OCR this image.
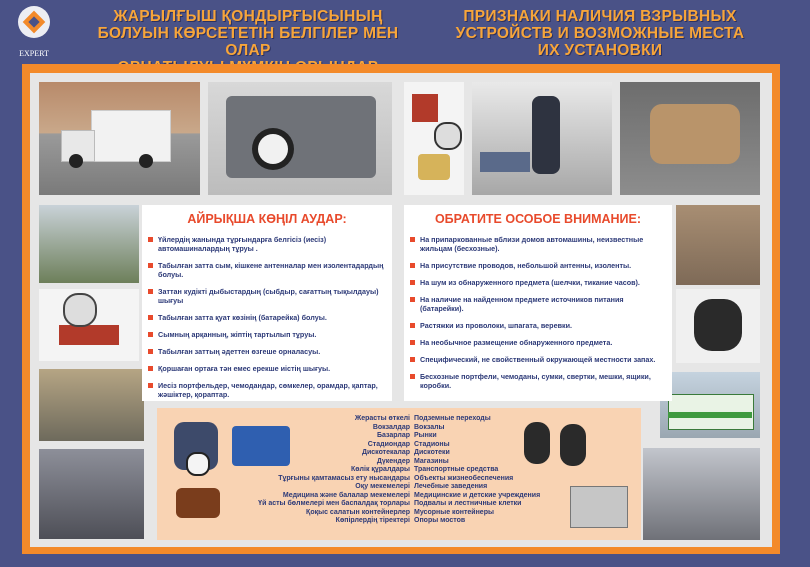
EXPERT
ЖАРЫЛҒЫШ ҚОНДЫРҒЫСЫНЫҢ
БОЛУЫН КӨРСЕТЕТІН БЕЛГІЛЕР МЕН ОЛАР
ПРИЗНАКИ НАЛИЧИЯ ВЗРЫВНЫХ
УСТРОЙСТВ И ВОЗМОЖНЫЕ МЕСТА
ИХ УСТАНОВКИ
АЙРЫҚША КӨҢІЛ АУДАР:
Үйлердің жанында тұрғындарға белгісіз (иесіз) автомашиналардың тұруы .
Табылған затта сым, кішкене антенналар мен изолентадардың болуы.
Заттан кудікті дыбыстардың (сыбдыр, сағаттың тықылдауы) шығуы
Табылған затта қуат көзінің (батарейка) болуы.
Сымның арқанның, жіптің тартылып тұруы.
Табылған заттың әдеттен өзгеше орналасуы.
Қоршаған ортаға тән емес ерекше иістің шығуы.
Иесіз портфельдер, чемодандар, сөмкелер, орамдар, қаптар, жәшіктер, қораптар.
ОБРАТИТЕ ОСОБОЕ ВНИМАНИЕ:
На припаркованные вблизи домов автомашины, неизвестные жильцам (бесхозные).
На присутствие проводов, небольшой антенны, изоленты.
На шум из обнаруженного предмета (шелчки, тикание часов).
На наличие на найденном предмете источников питания (батарейки).
Растяжки из проволоки, шпагата, веревки.
На необычное размещение обнаруженного предмета.
Специфический, не свойственный окружающей местности запах.
Бесхозные портфели, чемоданы, сумки, свертки, мешки, ящики, коробки.
Жерасты өткелі
Вокзалдар
Базарлар
Стадиондар
Дискотекалар
Дүкендер
Көлік құралдары
Тұрғыны қамтамасыз ету нысандары
Оқу мекемелері
Медицина және балалар мекемелері
Үй асты бөлмелері мен баспалдақ торлары
Қоқыс салатын контейнерлер
Көпірлердің тіректері
Подземные переходы
Вокзалы
Рынки
Стадионы
Дискотеки
Магазины
Транспортные средства
Объекты жизнеобеспечения
Лечебные заведения
Медицинские и детские учреждения
Подвалы и лестничные клетки
Мусорные контейнеры
Опоры мостов
